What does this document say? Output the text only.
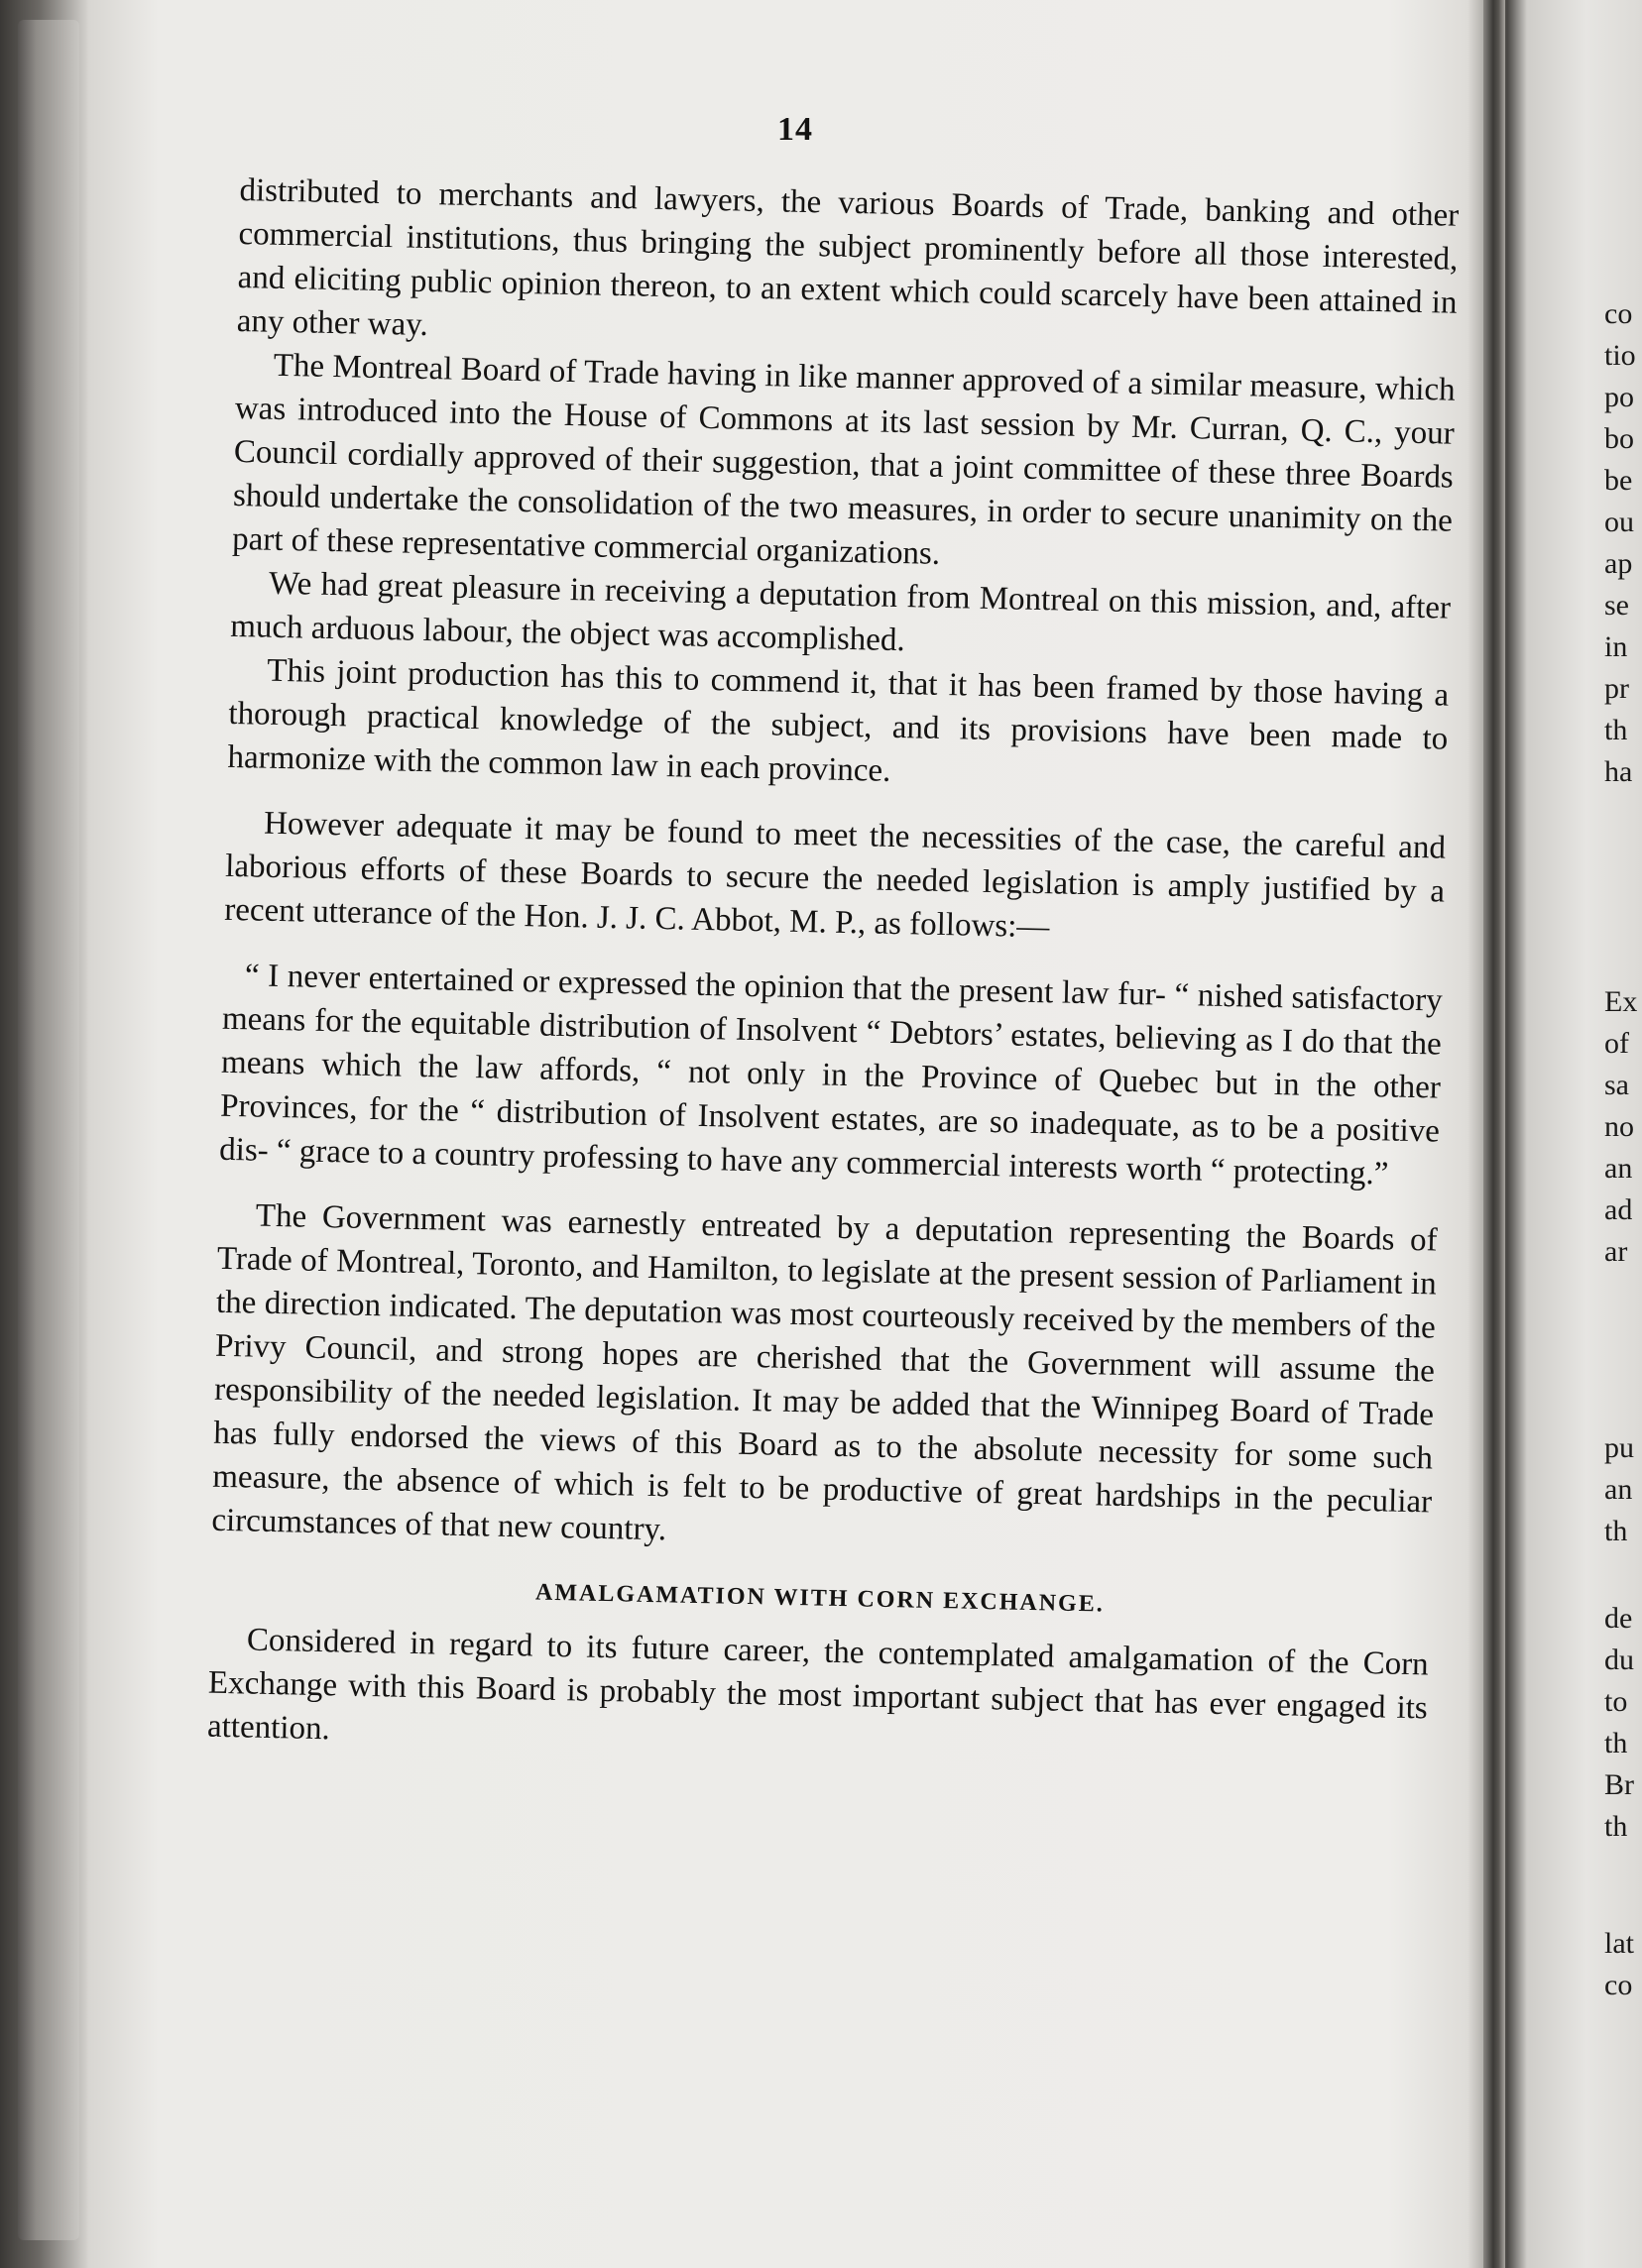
14

distributed to merchants and lawyers, the various Boards of Trade, banking and other commercial institutions, thus bringing the subject prominently before all those interested, and eliciting public opinion thereon, to an extent which could scarcely have been attained in any other way.

The Montreal Board of Trade having in like manner approved of a similar measure, which was introduced into the House of Commons at its last session by Mr. Curran, Q. C., your Council cordially approved of their suggestion, that a joint committee of these three Boards should undertake the consolidation of the two measures, in order to secure unanimity on the part of these representative commercial organizations.

We had great pleasure in receiving a deputation from Montreal on this mission, and, after much arduous labour, the object was accomplished.

This joint production has this to commend it, that it has been framed by those having a thorough practical knowledge of the subject, and its provisions have been made to harmonize with the common law in each province.

However adequate it may be found to meet the necessities of the case, the careful and laborious efforts of these Boards to secure the needed legislation is amply justified by a recent utterance of the Hon. J. J. C. Abbot, M. P., as follows:—

“ I never entertained or expressed the opinion that the present law fur- “ nished satisfactory means for the equitable distribution of Insolvent “ Debtors’ estates, believing as I do that the means which the law affords, “ not only in the Province of Quebec but in the other Provinces, for the “ distribution of Insolvent estates, are so inadequate, as to be a positive dis- “ grace to a country professing to have any commercial interests worth “ protecting.”

The Government was earnestly entreated by a deputation representing the Boards of Trade of Montreal, Toronto, and Hamilton, to legislate at the present session of Parliament in the direction indicated. The deputation was most courteously received by the members of the Privy Council, and strong hopes are cherished that the Government will assume the responsibility of the needed legislation. It may be added that the Winnipeg Board of Trade has fully endorsed the views of this Board as to the absolute necessity for some such measure, the absence of which is felt to be productive of great hardships in the peculiar circumstances of that new country.

AMALGAMATION WITH CORN EXCHANGE.

Considered in regard to its future career, the contemplated amalgamation of the Corn Exchange with this Board is probably the most important subject that has ever engaged its attention.

co
tio
po
bo
be
ou
ap
se
in
pr
th
ha
Ex
of
sa
no
an
ad
ar
pu
an
th
de
du
to
th
Br
th
lat
co
